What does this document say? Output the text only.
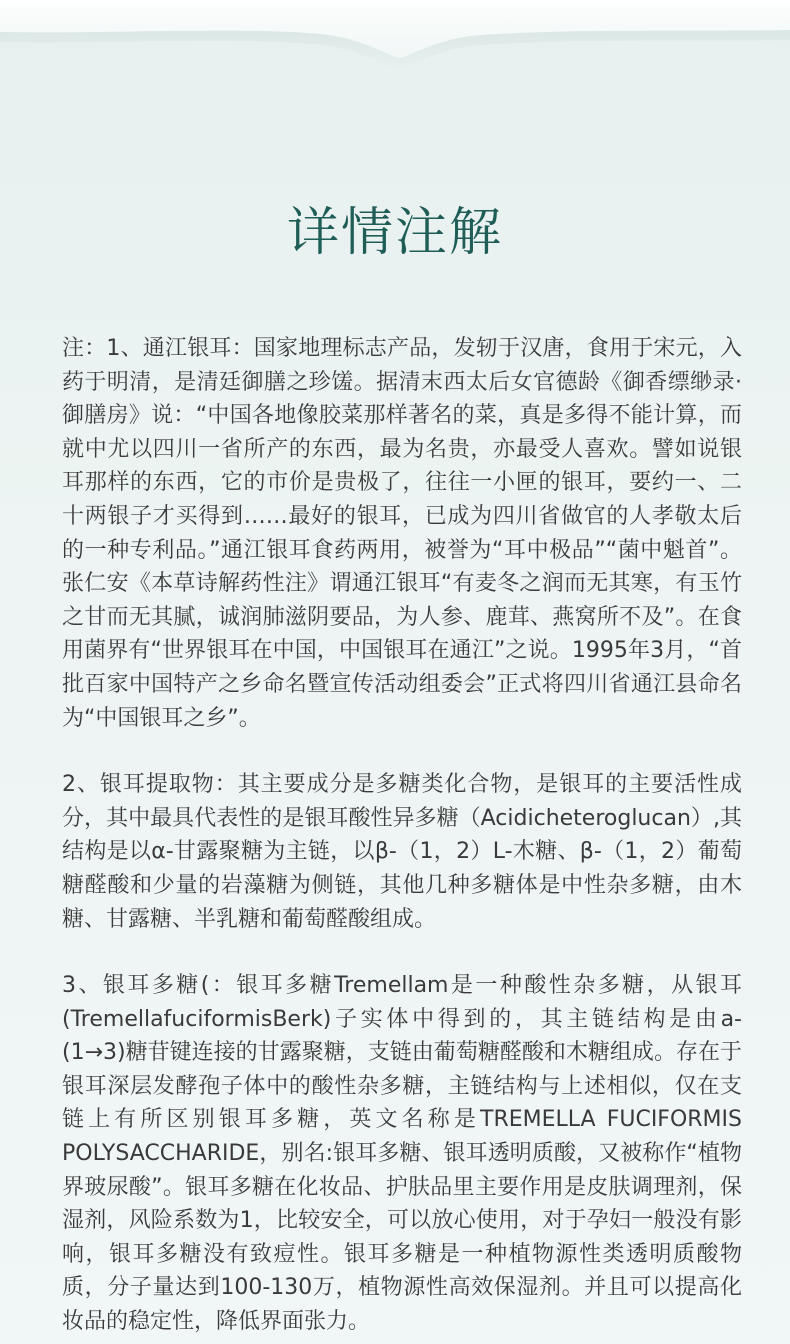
详情注解

注：1、通江银耳：国家地理标志产品，发轫于汉唐，食用于宋元，入药于明清，是清廷御膳之珍馐。据清末西太后女官德龄《御香缥缈录·御膳房》说：“中国各地像胶菜那样著名的菜，真是多得不能计算，而就中尤以四川一省所产的东西，最为名贵，亦最受人喜欢。譬如说银耳那样的东西，它的市价是贵极了，往往一小匣的银耳，要约一、二十两银子才买得到……最好的银耳，已成为四川省做官的人孝敬太后的一种专利品。”通江银耳食药两用，被誉为“耳中极品”“菌中魁首”。张仁安《本草诗解药性注》谓通江银耳“有麦冬之润而无其寒，有玉竹之甘而无其腻，诚润肺滋阴要品，为人参、鹿茸、燕窝所不及”。在食用菌界有“世界银耳在中国，中国银耳在通江”之说。1995年3月，“首批百家中国特产之乡命名暨宣传活动组委会”正式将四川省通江县命名为“中国银耳之乡”。

2、银耳提取物：其主要成分是多糖类化合物，是银耳的主要活性成分，其中最具代表性的是银耳酸性异多糖（Acidicheteroglucan）,其结构是以α-甘露聚糖为主链，以β-（1，2）L-木糖、β-（1，2）葡萄糖醛酸和少量的岩藻糖为侧链，其他几种多糖体是中性杂多糖，由木糖、甘露糖、半乳糖和葡萄醛酸组成。

3、银耳多糖(：银耳多糖Tremellam是一种酸性杂多糖，从银耳(TremellafuciformisBerk)子实体中得到的，其主链结构是由a-(1→3)糖苷键连接的甘露聚糖，支链由葡萄糖醛酸和木糖组成。存在于银耳深层发酵孢子体中的酸性杂多糖，主链结构与上述相似，仅在支链上有所区别银耳多糖，英文名称是TREMELLA FUCIFORMIS POLYSACCHARIDE，别名:银耳多糖、银耳透明质酸，又被称作“植物界玻尿酸”。银耳多糖在化妆品、护肤品里主要作用是皮肤调理剂，保湿剂，风险系数为1，比较安全，可以放心使用，对于孕妇一般没有影响，银耳多糖没有致痘性。银耳多糖是一种植物源性类透明质酸物质，分子量达到100-130万，植物源性高效保湿剂。并且可以提高化妆品的稳定性，降低界面张力。
